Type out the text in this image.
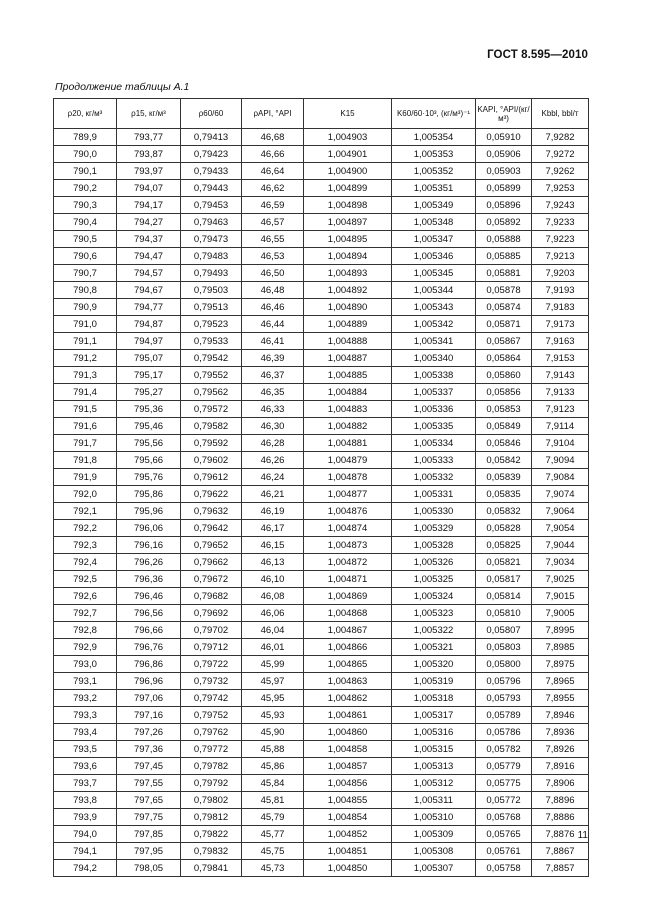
ГОСТ 8.595—2010
Продолжение таблицы А.1
ρ20, кг/м³	ρ15, кг/м³	ρ60/60	ρAPI, °API	K15	K60/60·10³, (кг/м³)⁻¹	KAPI, °API/(кг/м³)	Kbbl, bbl/т
789,9	793,77	0,79413	46,68	1,004903	1,005354	0,05910	7,9282
790,0	793,87	0,79423	46,66	1,004901	1,005353	0,05906	7,9272
790,1	793,97	0,79433	46,64	1,004900	1,005352	0,05903	7,9262
790,2	794,07	0,79443	46,62	1,004899	1,005351	0,05899	7,9253
790,3	794,17	0,79453	46,59	1,004898	1,005349	0,05896	7,9243
790,4	794,27	0,79463	46,57	1,004897	1,005348	0,05892	7,9233
790,5	794,37	0,79473	46,55	1,004895	1,005347	0,05888	7,9223
790,6	794,47	0,79483	46,53	1,004894	1,005346	0,05885	7,9213
790,7	794,57	0,79493	46,50	1,004893	1,005345	0,05881	7,9203
790,8	794,67	0,79503	46,48	1,004892	1,005344	0,05878	7,9193
790,9	794,77	0,79513	46,46	1,004890	1,005343	0,05874	7,9183
791,0	794,87	0,79523	46,44	1,004889	1,005342	0,05871	7,9173
791,1	794,97	0,79533	46,41	1,004888	1,005341	0,05867	7,9163
791,2	795,07	0,79542	46,39	1,004887	1,005340	0,05864	7,9153
791,3	795,17	0,79552	46,37	1,004885	1,005338	0,05860	7,9143
791,4	795,27	0,79562	46,35	1,004884	1,005337	0,05856	7,9133
791,5	795,36	0,79572	46,33	1,004883	1,005336	0,05853	7,9123
791,6	795,46	0,79582	46,30	1,004882	1,005335	0,05849	7,9114
791,7	795,56	0,79592	46,28	1,004881	1,005334	0,05846	7,9104
791,8	795,66	0,79602	46,26	1,004879	1,005333	0,05842	7,9094
791,9	795,76	0,79612	46,24	1,004878	1,005332	0,05839	7,9084
792,0	795,86	0,79622	46,21	1,004877	1,005331	0,05835	7,9074
792,1	795,96	0,79632	46,19	1,004876	1,005330	0,05832	7,9064
792,2	796,06	0,79642	46,17	1,004874	1,005329	0,05828	7,9054
792,3	796,16	0,79652	46,15	1,004873	1,005328	0,05825	7,9044
792,4	796,26	0,79662	46,13	1,004872	1,005326	0,05821	7,9034
792,5	796,36	0,79672	46,10	1,004871	1,005325	0,05817	7,9025
792,6	796,46	0,79682	46,08	1,004869	1,005324	0,05814	7,9015
792,7	796,56	0,79692	46,06	1,004868	1,005323	0,05810	7,9005
792,8	796,66	0,79702	46,04	1,004867	1,005322	0,05807	7,8995
792,9	796,76	0,79712	46,01	1,004866	1,005321	0,05803	7,8985
793,0	796,86	0,79722	45,99	1,004865	1,005320	0,05800	7,8975
793,1	796,96	0,79732	45,97	1,004863	1,005319	0,05796	7,8965
793,2	797,06	0,79742	45,95	1,004862	1,005318	0,05793	7,8955
793,3	797,16	0,79752	45,93	1,004861	1,005317	0,05789	7,8946
793,4	797,26	0,79762	45,90	1,004860	1,005316	0,05786	7,8936
793,5	797,36	0,79772	45,88	1,004858	1,005315	0,05782	7,8926
793,6	797,45	0,79782	45,86	1,004857	1,005313	0,05779	7,8916
793,7	797,55	0,79792	45,84	1,004856	1,005312	0,05775	7,8906
793,8	797,65	0,79802	45,81	1,004855	1,005311	0,05772	7,8896
793,9	797,75	0,79812	45,79	1,004854	1,005310	0,05768	7,8886
794,0	797,85	0,79822	45,77	1,004852	1,005309	0,05765	7,8876
794,1	797,95	0,79832	45,75	1,004851	1,005308	0,05761	7,8867
794,2	798,05	0,79841	45,73	1,004850	1,005307	0,05758	7,8857
11
